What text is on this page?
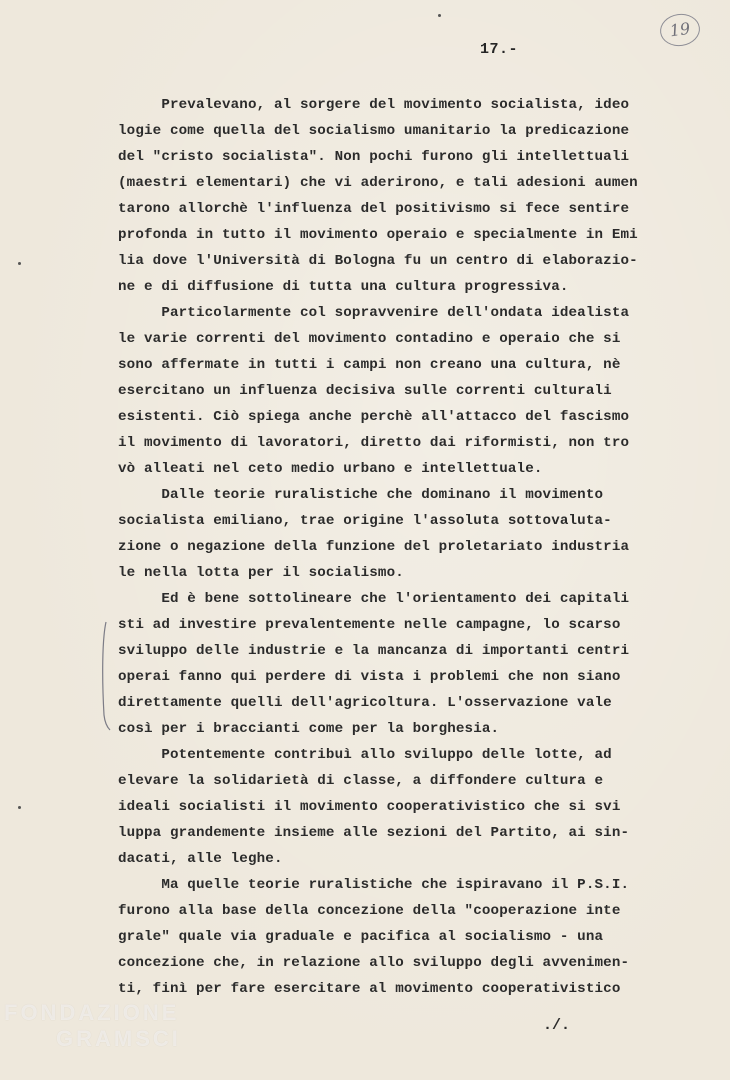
19
17.-
Prevalevano, al sorgere del movimento socialista, ideo
logie come quella del socialismo umanitario la predicazione
del "cristo socialista". Non pochi furono gli intellettuali
(maestri elementari) che vi aderirono, e tali adesioni aumen
tarono allorchè l'influenza del positivismo si fece sentire
profonda in tutto il movimento operaio e specialmente in Emi
lia dove l'Università di Bologna fu un centro di elaborazio-
ne e di diffusione di tutta una cultura progressiva.
Particolarmente col sopravvenire dell'ondata idealista
le varie correnti del movimento contadino e operaio che si
sono affermate in tutti i campi non creano una cultura, nè
esercitano un influenza decisiva sulle correnti culturali
esistenti. Ciò spiega anche perchè all'attacco del fascismo
il movimento di lavoratori, diretto dai riformisti, non tro
vò alleati nel ceto medio urbano e intellettuale.
Dalle teorie ruralistiche che dominano il movimento
socialista emiliano, trae origine l'assoluta sottovaluta-
zione o negazione della funzione del proletariato industria
le nella lotta per il socialismo.
Ed è bene sottolineare che l'orientamento dei capitali
sti ad investire prevalentemente nelle campagne, lo scarso
sviluppo delle industrie e la mancanza di importanti centri
operai fanno qui perdere di vista i problemi che non siano
direttamente quelli dell'agricoltura. L'osservazione vale
così per i braccianti come per la borghesia.
Potentemente contribuì allo sviluppo delle lotte, ad
elevare la solidarietà di classe, a diffondere cultura e
ideali socialisti il movimento cooperativistico che si svi
luppa grandemente insieme alle sezioni del Partito, ai sin-
dacati, alle leghe.
Ma quelle teorie ruralistiche che ispiravano il P.S.I.
furono alla base della concezione della "cooperazione inte
grale" quale via graduale e pacifica al socialismo - una
concezione che, in relazione allo sviluppo degli avvenimen-
ti, finì per fare esercitare al movimento cooperativistico
./.
FONDAZIONE
GRAMSCI
